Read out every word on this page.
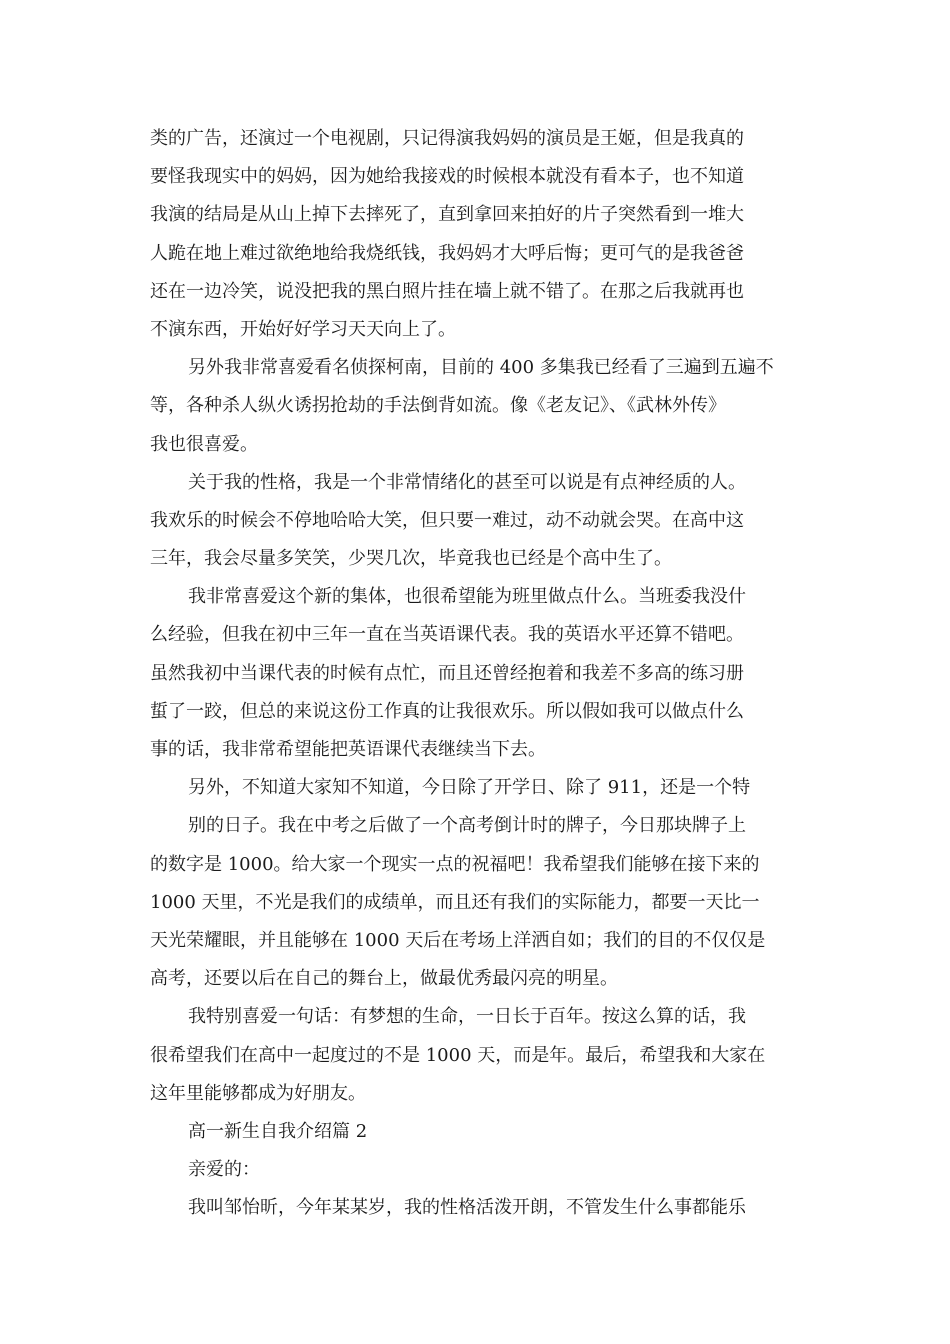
类的广告，还演过一个电视剧，只记得演我妈妈的演员是王姬，但是我真的
要怪我现实中的妈妈，因为她给我接戏的时候根本就没有看本子，也不知道
我演的结局是从山上掉下去摔死了，直到拿回来拍好的片子突然看到一堆大
人跪在地上难过欲绝地给我烧纸钱，我妈妈才大呼后悔；更可气的是我爸爸
还在一边冷笑，说没把我的黑白照片挂在墙上就不错了。在那之后我就再也
不演东西，开始好好学习天天向上了。
另外我非常喜爱看名侦探柯南，目前的 400 多集我已经看了三遍到五遍不
等，各种杀人纵火诱拐抢劫的手法倒背如流。像《老友记》、《武林外传》
我也很喜爱。
关于我的性格，我是一个非常情绪化的甚至可以说是有点神经质的人。
我欢乐的时候会不停地哈哈大笑，但只要一难过，动不动就会哭。在高中这
三年，我会尽量多笑笑，少哭几次，毕竟我也已经是个高中生了。
我非常喜爱这个新的集体，也很希望能为班里做点什么。当班委我没什
么经验，但我在初中三年一直在当英语课代表。我的英语水平还算不错吧。
虽然我初中当课代表的时候有点忙，而且还曾经抱着和我差不多高的练习册
蜇了一跤，但总的来说这份工作真的让我很欢乐。所以假如我可以做点什么
事的话，我非常希望能把英语课代表继续当下去。
另外，不知道大家知不知道，今日除了开学日、除了 911，还是一个特
别的日子。我在中考之后做了一个高考倒计时的牌子，今日那块牌子上
的数字是 1000。给大家一个现实一点的祝福吧！我希望我们能够在接下来的
1000 天里，不光是我们的成绩单，而且还有我们的实际能力，都要一天比一
天光荣耀眼，并且能够在 1000 天后在考场上洋洒自如；我们的目的不仅仅是
高考，还要以后在自己的舞台上，做最优秀最闪亮的明星。
我特别喜爱一句话：有梦想的生命，一日长于百年。按这么算的话，我
很希望我们在高中一起度过的不是 1000 天，而是年。最后，希望我和大家在
这年里能够都成为好朋友。
高一新生自我介绍篇 2
亲爱的：
我叫邹怡昕，今年某某岁，我的性格活泼开朗，不管发生什么事都能乐
